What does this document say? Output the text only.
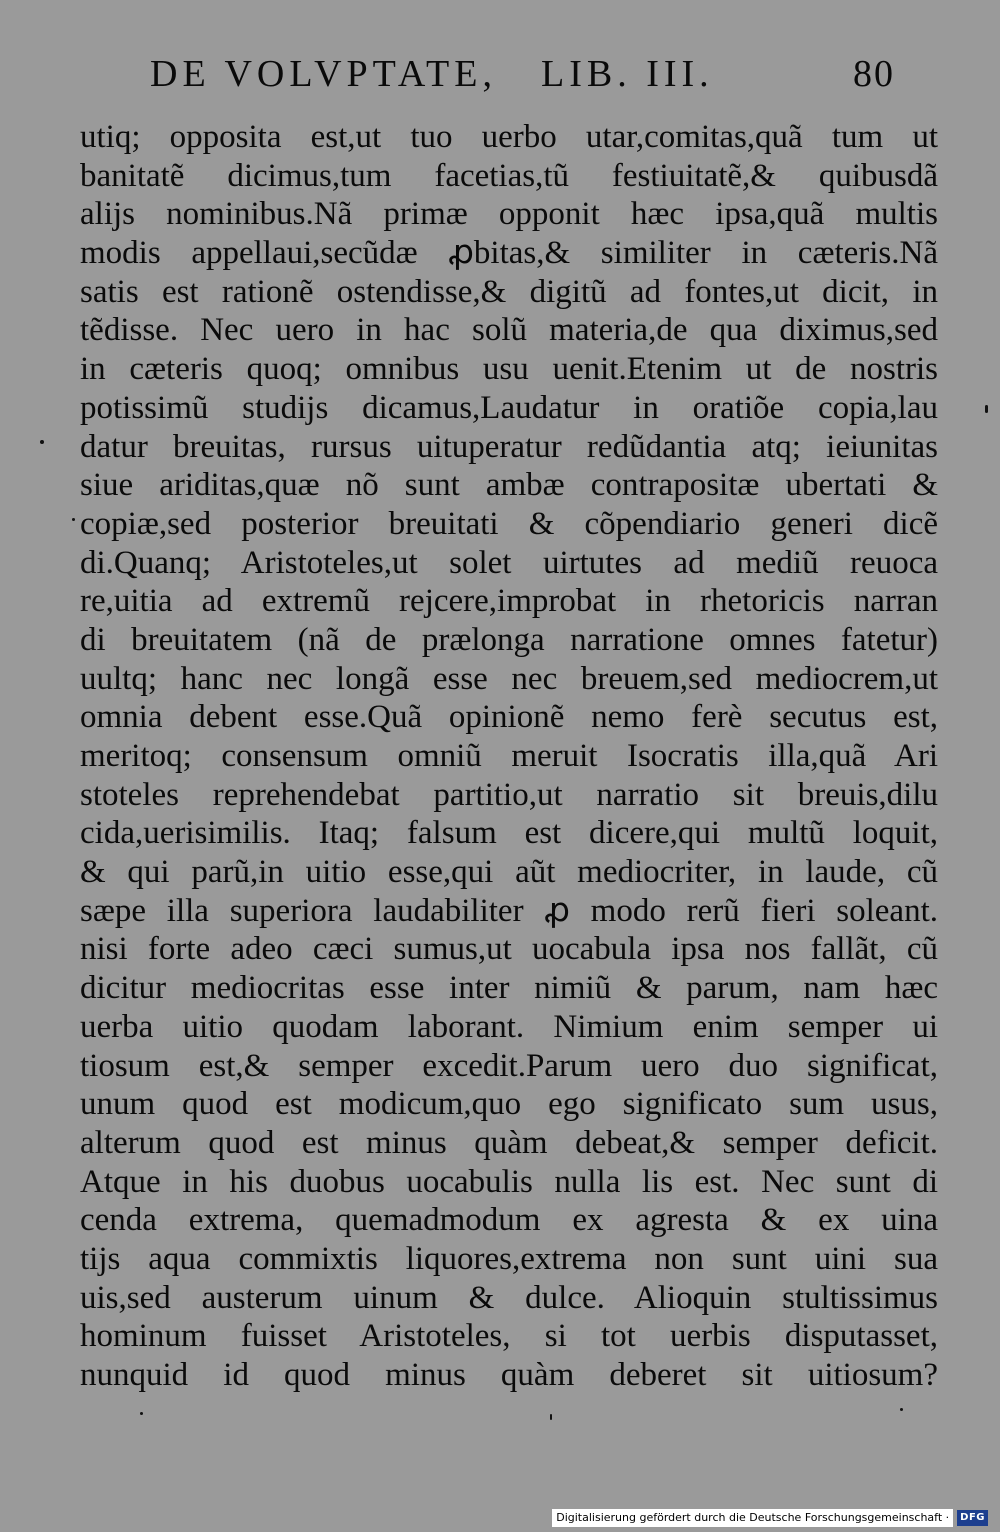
DE VOLVPTATE, LIB. III.	80
utiq; opposita est,ut tuo uerbo utar,comitas,quã tum ut
banitatẽ dicimus,tum facetias,tũ festiuitatẽ,& quibusdã
alijs nominibus.Nã primæ opponit hæc ipsa,quã multis
modis appellaui,secũdæ ꝓbitas,& similiter in cæteris.Nã
satis est rationẽ ostendisse,& digitũ ad fontes,ut dicit, in
tẽdisse. Nec uero in hac solũ materia,de qua diximus,sed
in cæteris quoq; omnibus usu uenit.Etenim ut de nostris
potissimũ studijs dicamus,Laudatur in oratiõe copia,lau
datur breuitas, rursus uituperatur redũdantia atq; ieiunitas
siue ariditas,quæ nõ sunt ambæ contrapositæ ubertati &
copiæ,sed posterior breuitati & cõpendiario generi dicẽ
di.Quanq; Aristoteles,ut solet uirtutes ad mediũ reuoca
re,uitia ad extremũ rejcere,improbat in rhetoricis narran
di breuitatem (nã de prælonga narratione omnes fatetur)
uultq; hanc nec longã esse nec breuem,sed mediocrem,ut
omnia debent esse.Quã opinionẽ nemo ferè secutus est,
meritoq; consensum omniũ meruit Isocratis illa,quã Ari
stoteles reprehendebat partitio,ut narratio sit breuis,dilu
cida,uerisimilis. Itaq; falsum est dicere,qui multũ loquit,
& qui parũ,in uitio esse,qui aũt mediocriter, in laude, cũ
sæpe illa superiora laudabiliter ꝓ modo rerũ fieri soleant.
nisi forte adeo cæci sumus,ut uocabula ipsa nos fallãt, cũ
dicitur mediocritas esse inter nimiũ & parum, nam hæc
uerba uitio quodam laborant. Nimium enim semper ui
tiosum est,& semper excedit.Parum uero duo significat,
unum quod est modicum,quo ego significato sum usus,
alterum quod est minus quàm debeat,& semper deficit.
Atque in his duobus uocabulis nulla lis est. Nec sunt di
cenda extrema, quemadmodum ex agresta & ex uina
tijs aqua commixtis liquores,extrema non sunt uini sua
uis,sed austerum uinum & dulce. Alioquin stultissimus
hominum fuisset Aristoteles, si tot uerbis disputasset,
nunquid id quod minus quàm deberet sit uitiosum?
Digitalisierung gefördert durch die Deutsche Forschungsgemeinschaft ·	DFG
